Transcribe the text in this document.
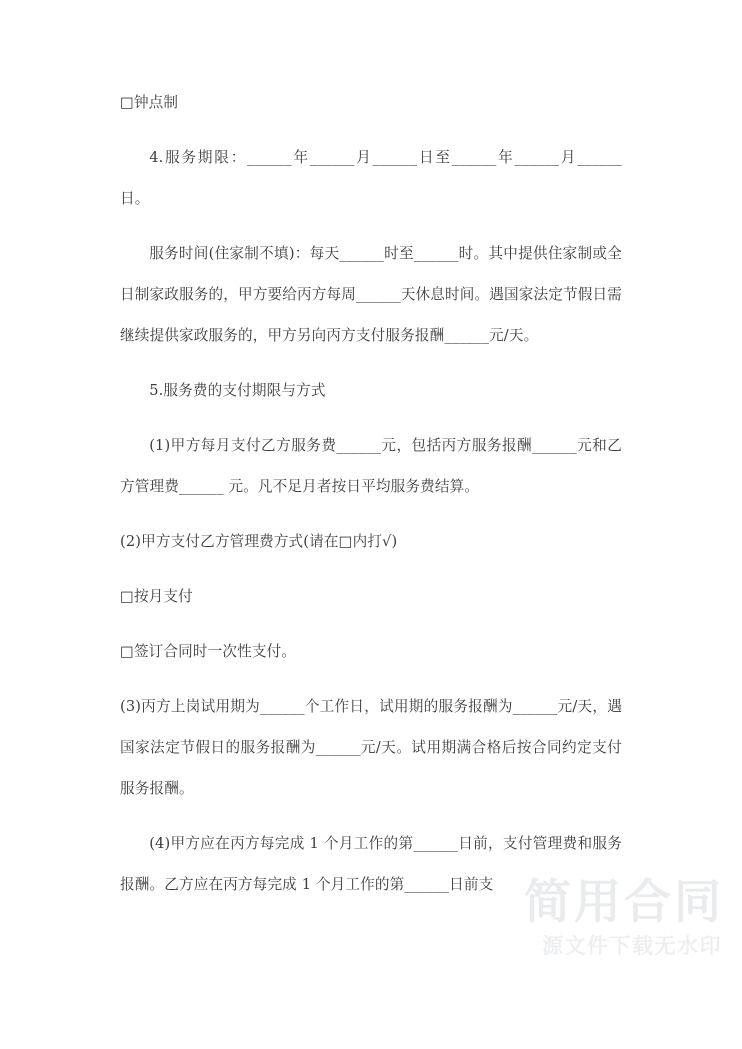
□钟点制

4.服务期限：______年______月______日至______年______月______日。

服务时间(住家制不填)：每天______时至______时。其中提供住家制或全日制家政服务的，甲方要给丙方每周______天休息时间。遇国家法定节假日需继续提供家政服务的，甲方另向丙方支付服务报酬______元/天。

5.服务费的支付期限与方式

(1)甲方每月支付乙方服务费______元，包括丙方服务报酬______元和乙方管理费______ 元。凡不足月者按日平均服务费结算。

(2)甲方支付乙方管理费方式(请在□内打√)

□按月支付

□签订合同时一次性支付。

(3)丙方上岗试用期为______个工作日，试用期的服务报酬为______元/天，遇国家法定节假日的服务报酬为______元/天。试用期满合格后按合同约定支付服务报酬。

(4)甲方应在丙方每完成 1 个月工作的第______日前，支付管理费和服务报酬。乙方应在丙方每完成 1 个月工作的第______日前支 简用合同
源文件下载无水印
